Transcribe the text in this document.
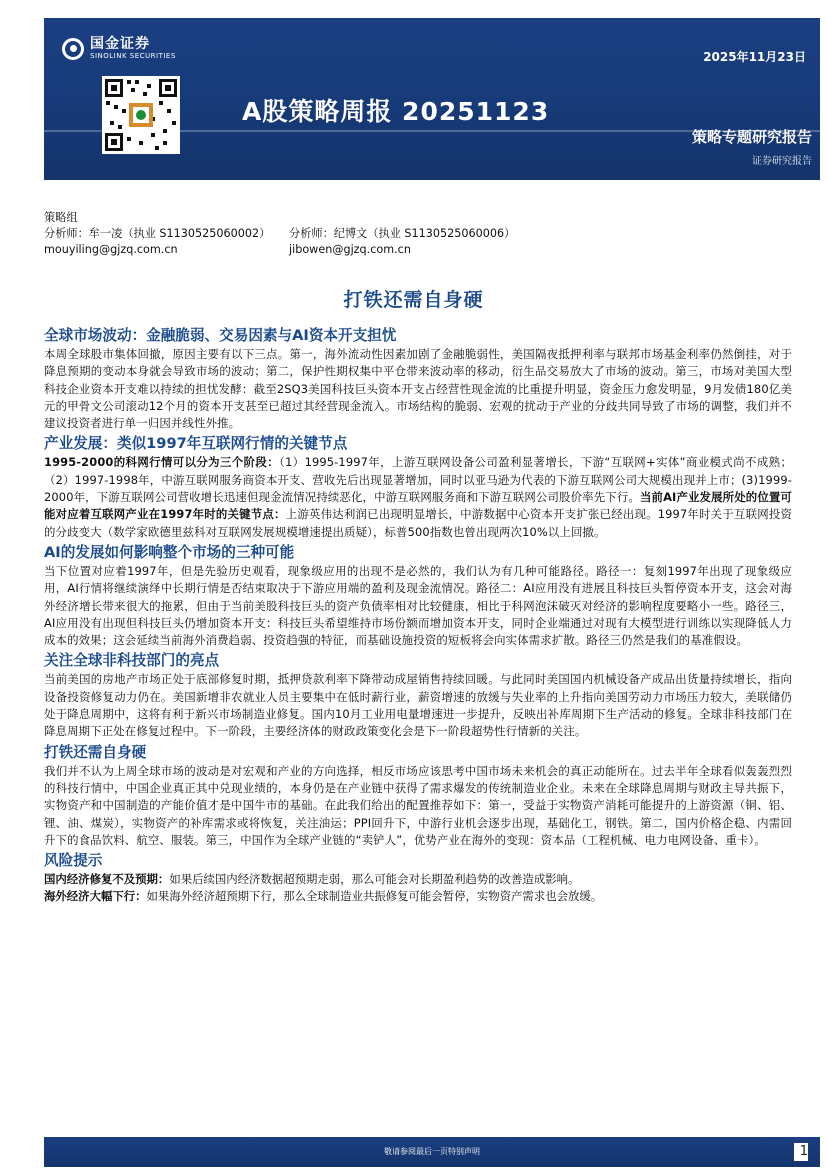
国金证券
SINOLINK SECURITIES	2025年11月23日
A股策略周报 20251123
策略专题研究报告
证券研究报告
策略组
分析师：牟一凌（执业 S1130525060002）	分析师：纪博文（执业 S1130525060006）
mouyiling@gjzq.com.cn	jibowen@gjzq.com.cn
打铁还需自身硬
全球市场波动：金融脆弱、交易因素与AI资本开支担忧

本周全球股市集体回撤，原因主要有以下三点。第一，海外流动性因素加剧了金融脆弱性，美国隔夜抵押利率与联邦市场基金利率仍然倒挂，对于降息预期的变动本身就会导致市场的波动；第二，保护性期权集中平仓带来波动率的移动，衍生品交易放大了市场的波动。第三，市场对美国大型科技企业资本开支难以持续的担忧发酵：截至2SQ3美国科技巨头资本开支占经营性现金流的比重提升明显，资金压力愈发明显，9月发债180亿美元的甲骨文公司滚动12个月的资本开支甚至已超过其经营现金流入。市场结构的脆弱、宏观的扰动于产业的分歧共同导致了市场的调整，我们并不建议投资者进行单一归因并线性外推。

产业发展：类似1997年互联网行情的关键节点

1995-2000的科网行情可以分为三个阶段：（1）1995-1997年，上游互联网设备公司盈利显著增长，下游“互联网+实体”商业模式尚不成熟；（2）1997-1998年，中游互联网服务商资本开支、营收先后出现显著增加，同时以亚马逊为代表的下游互联网公司大规模出现并上市；(3)1999-2000年，下游互联网公司营收增长迅速但现金流情况持续恶化，中游互联网服务商和下游互联网公司股价率先下行。当前AI产业发展所处的位置可能对应着互联网产业在1997年时的关键节点：上游英伟达利润已出现明显增长，中游数据中心资本开支扩张已经出现。1997年时关于互联网投资的分歧变大（数学家欧德里兹科对互联网发展规模增速提出质疑），标普500指数也曾出现两次10%以上回撤。

AI的发展如何影响整个市场的三种可能

当下位置对应着1997年，但是先验历史观看，现象级应用的出现不是必然的，我们认为有几种可能路径。路径一：复刻1997年出现了现象级应用，AI行情将继续演绎中长期行情是否结束取决于下游应用端的盈利及现金流情况。路径二：AI应用没有进展且科技巨头暂停资本开支，这会对海外经济增长带来很大的拖累，但由于当前美股科技巨头的资产负债率相对比较健康，相比于科网泡沫破灭对经济的影响程度要略小一些。路径三，AI应用没有出现但科技巨头仍增加资本开支：科技巨头希望维持市场份额而增加资本开支，同时企业端通过对现有大模型进行训练以实现降低人力成本的效果；这会延续当前海外消费趋弱、投资趋强的特征，而基础设施投资的短板将会向实体需求扩散。路径三仍然是我们的基准假设。

关注全球非科技部门的亮点

当前美国的房地产市场正处于底部修复时期，抵押贷款利率下降带动成屋销售持续回暖。与此同时美国国内机械设备产成品出货量持续增长，指向设备投资修复动力仍在。美国新增非农就业人员主要集中在低时薪行业，薪资增速的放缓与失业率的上升指向美国劳动力市场压力较大，美联储仍处于降息周期中，这将有利于新兴市场制造业修复。国内10月工业用电量增速进一步提升，反映出补库周期下生产活动的修复。全球非科技部门在降息周期下正处在修复过程中。下一阶段，主要经济体的财政政策变化会是下一阶段超势性行情新的关注。

打铁还需自身硬

我们并不认为上周全球市场的波动是对宏观和产业的方向选择，相反市场应该思考中国市场未来机会的真正动能所在。过去半年全球看似轰轰烈烈的科技行情中，中国企业真正其中兑现业绩的，本身仍是在产业链中获得了需求爆发的传统制造业企业。未来在全球降息周期与财政主导共振下，实物资产和中国制造的产能价值才是中国牛市的基础。在此我们给出的配置推荐如下：第一，受益于实物资产消耗可能提升的上游资源（铜、铝、锂、油、煤炭），实物资产的补库需求或将恢复，关注油运；PPI回升下，中游行业机会逐步出现，基础化工，钢铁。第二，国内价格企稳、内需回升下的食品饮料、航空、服装。第三，中国作为全球产业链的“卖铲人”，优势产业在海外的变现：资本品（工程机械、电力电网设备、重卡）。

风险提示

国内经济修复不及预期：如果后续国内经济数据超预期走弱，那么可能会对长期盈利趋势的改善造成影响。

海外经济大幅下行：如果海外经济超预期下行，那么全球制造业共振修复可能会暂停，实物资产需求也会放缓。

敬请参阅最后一页特别声明	1
